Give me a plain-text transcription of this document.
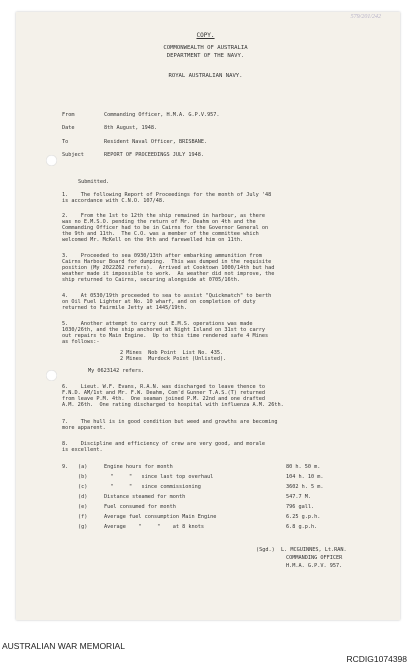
579/201/242
COPY.
COMMONWEALTH OF AUSTRALIA
DEPARTMENT OF THE NAVY.
ROYAL AUSTRALIAN NAVY.
From	Commanding Officer, H.M.A. G.P.V.957.
Date	8th August, 1948.
To	Resident Naval Officer, BRISBANE.
Subject	REPORT OF PROCEEDINGS JULY 1948.
Submitted.
1.    The following Report of Proceedings for the month of July '48
is accordance with C.N.O. 107/48.
2.    From the 1st to 12th the ship remained in harbour, as there
was no E.M.S.O. pending the return of Mr. Deahm on 4th and the
Commanding Officer had to be in Cairns for the Governor General on
the 9th and 11th.  The C.O. was a member of the committee which
welcomed Mr. McKell on the 9th and farewelled him on 11th.
3.    Proceeded to sea 0930/13th after embarking ammunition from
Cairns Harbour Board for dumping.  This was dumped in the requisite
position (My 2022Z62 refers).  Arrived at Cooktown 1000/14th but had
weather made it impossible to work.  As weather did not improve, the
ship returned to Cairns, securing alongside at 0705/16th.
4.    At 0530/19th proceeded to sea to assist "Quickmatch" to berth
on Oil Fuel Lighter at No. 10 wharf, and on completion of duty
returned to Fairmile Jetty at 1445/19th.
5.    Another attempt to carry out E.M.S. operations was made
1030/26th, and the ship anchored at Night Island on 31st to carry
out repairs to Main Engine.  Up to this time rendered safe 4 Mines
as follows:-
2 Mines  Nob Point  List No. 435.
2 Mines  Murdock Point (Unlisted).
My 0623142 refers.
6.    Lieut. W.F. Evans, R.A.N. was discharged to leave thence to
F.N.D. AM/1st and Mr. F.W. Deahm, Com'd Gunner T.A.S.(T) returned
from leave P.M. 4th.  One seaman joined P.M. 22nd and one drafted
A.M. 26th.  One rating discharged to hospital with influenza A.M. 26th.
7.    The hull is in good condition but weed and growths are becoming
more apparent.
8.    Discipline and efficiency of crew are very good, and morale
is excellent.
9. (a)	Engine hours for month	80 h. 50 m.
(b)	"     "   since last top overhaul	104 h. 10 m.
(c)	"     "   since commissioning	3602 h. 5 m.
(d)	Distance steamed for month	547.7 M.
(e)	Fuel consumed for month	796 gall.
(f)	Average fuel consumption Main Engine	6.25 g.p.h.
(g)	Average    "     "    at 8 knots	6.8 g.p.h.
(Sgd.)  L. MCGUINNES, Lt.RAN.
COMMANDING OFFICER
H.M.A. G.P.V. 957.
AUSTRALIAN WAR MEMORIAL
RCDIG1074398
